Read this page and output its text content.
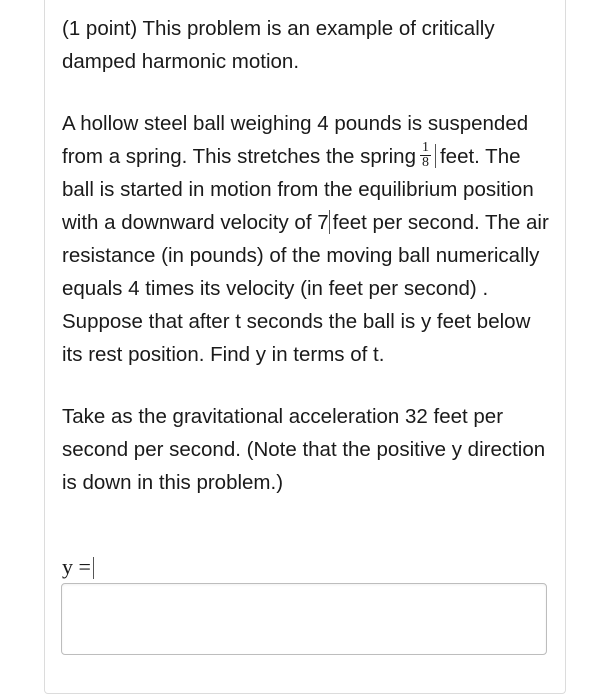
(1 point) This problem is an example of critically damped harmonic motion.

A hollow steel ball weighing 4 pounds is suspended from a spring. This stretches the spring $\frac{1}{8}$ feet. The ball is started in motion from the equilibrium position with a downward velocity of 7 feet per second. The air resistance (in pounds) of the moving ball numerically equals 4 times its velocity (in feet per second) . Suppose that after t seconds the ball is y feet below its rest position. Find y in terms of t.

Take as the gravitational acceleration 32 feet per second per second. (Note that the positive y direction is down in this problem.)

y =
